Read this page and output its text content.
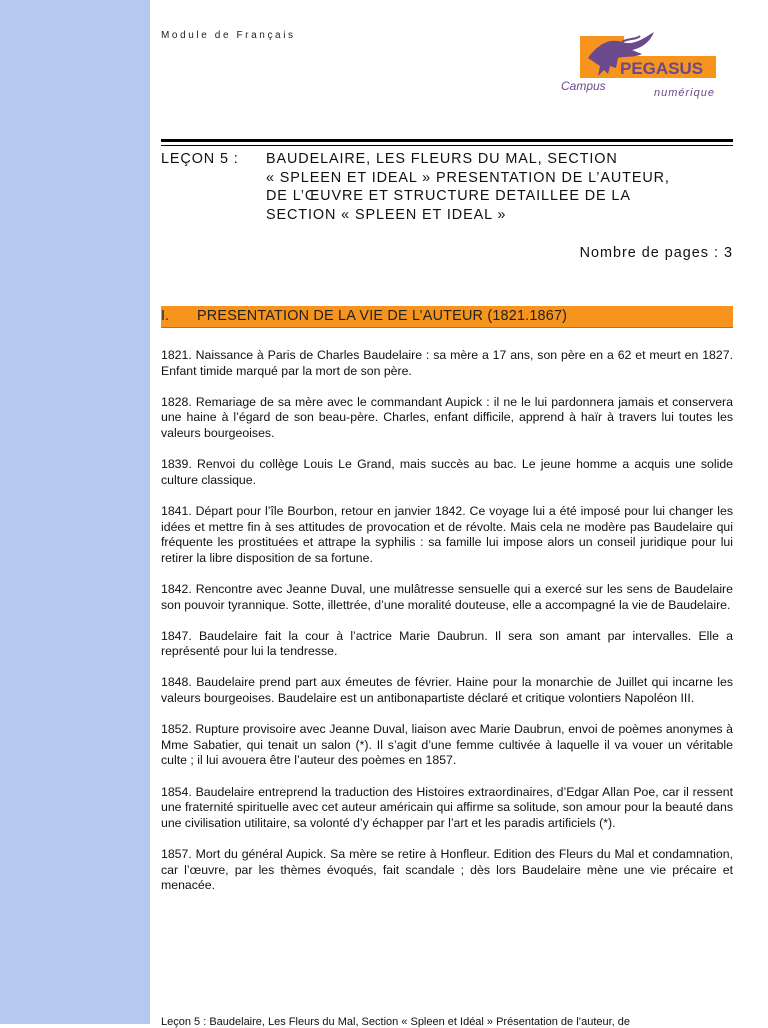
Module de Français
PEGASUS
Campus	numérique
LEÇON 5 : BAUDELAIRE, LES FLEURS DU MAL, SECTION
« SPLEEN ET IDEAL » PRESENTATION DE L’AUTEUR,
DE L’ŒUVRE ET STRUCTURE DETAILLEE DE LA
SECTION « SPLEEN ET IDEAL »
Nombre de pages : 3
I. PRESENTATION DE LA VIE DE L’AUTEUR (1821.1867)

1821. Naissance à Paris de Charles Baudelaire : sa mère a 17 ans, son père en a 62 et meurt en 1827. Enfant timide marqué par la mort de son père.

1828. Remariage de sa mère avec le commandant Aupick : il ne le lui pardonnera jamais et conservera une haine à l’égard de son beau-père. Charles, enfant difficile, apprend à haïr à travers lui toutes les valeurs bourgeoises.

1839. Renvoi du collège Louis Le Grand, mais succès au bac. Le jeune homme a acquis une solide culture classique.

1841. Départ pour l’île Bourbon, retour en janvier 1842. Ce voyage lui a été imposé pour lui changer les idées et mettre fin à ses attitudes de provocation et de révolte. Mais cela ne modère pas Baudelaire qui fréquente les prostituées et attrape la syphilis : sa famille lui impose alors un conseil juridique pour lui retirer la libre disposition de sa fortune.

1842. Rencontre avec Jeanne Duval, une mulâtresse sensuelle qui a exercé sur les sens de Baudelaire son pouvoir tyrannique. Sotte, illettrée, d’une moralité douteuse, elle a accompagné la vie de Baudelaire.

1847. Baudelaire fait la cour à l’actrice Marie Daubrun. Il sera son amant par intervalles. Elle a représenté pour lui la tendresse.

1848. Baudelaire prend part aux émeutes de février. Haine pour la monarchie de Juillet qui incarne les valeurs bourgeoises. Baudelaire est un antibonapartiste déclaré et critique volontiers Napoléon III.

1852. Rupture provisoire avec Jeanne Duval, liaison avec Marie Daubrun, envoi de poèmes anonymes à Mme Sabatier, qui tenait un salon (*). Il s’agit d’une femme cultivée à laquelle il va vouer un véritable culte ; il lui avouera être l’auteur des poèmes en 1857.

1854. Baudelaire entreprend la traduction des Histoires extraordinaires, d’Edgar Allan Poe, car il ressent une fraternité spirituelle avec cet auteur américain qui affirme sa solitude, son amour pour la beauté dans une civilisation utilitaire, sa volonté d’y échapper par l’art et les paradis artificiels (*).

1857. Mort du général Aupick. Sa mère se retire à Honfleur. Edition des Fleurs du Mal et condamnation, car l’œuvre, par les thèmes évoqués, fait scandale ; dès lors Baudelaire mène une vie précaire et menacée.

Leçon 5 : Baudelaire, Les Fleurs du Mal, Section « Spleen et Idéal » Présentation de l’auteur, de
